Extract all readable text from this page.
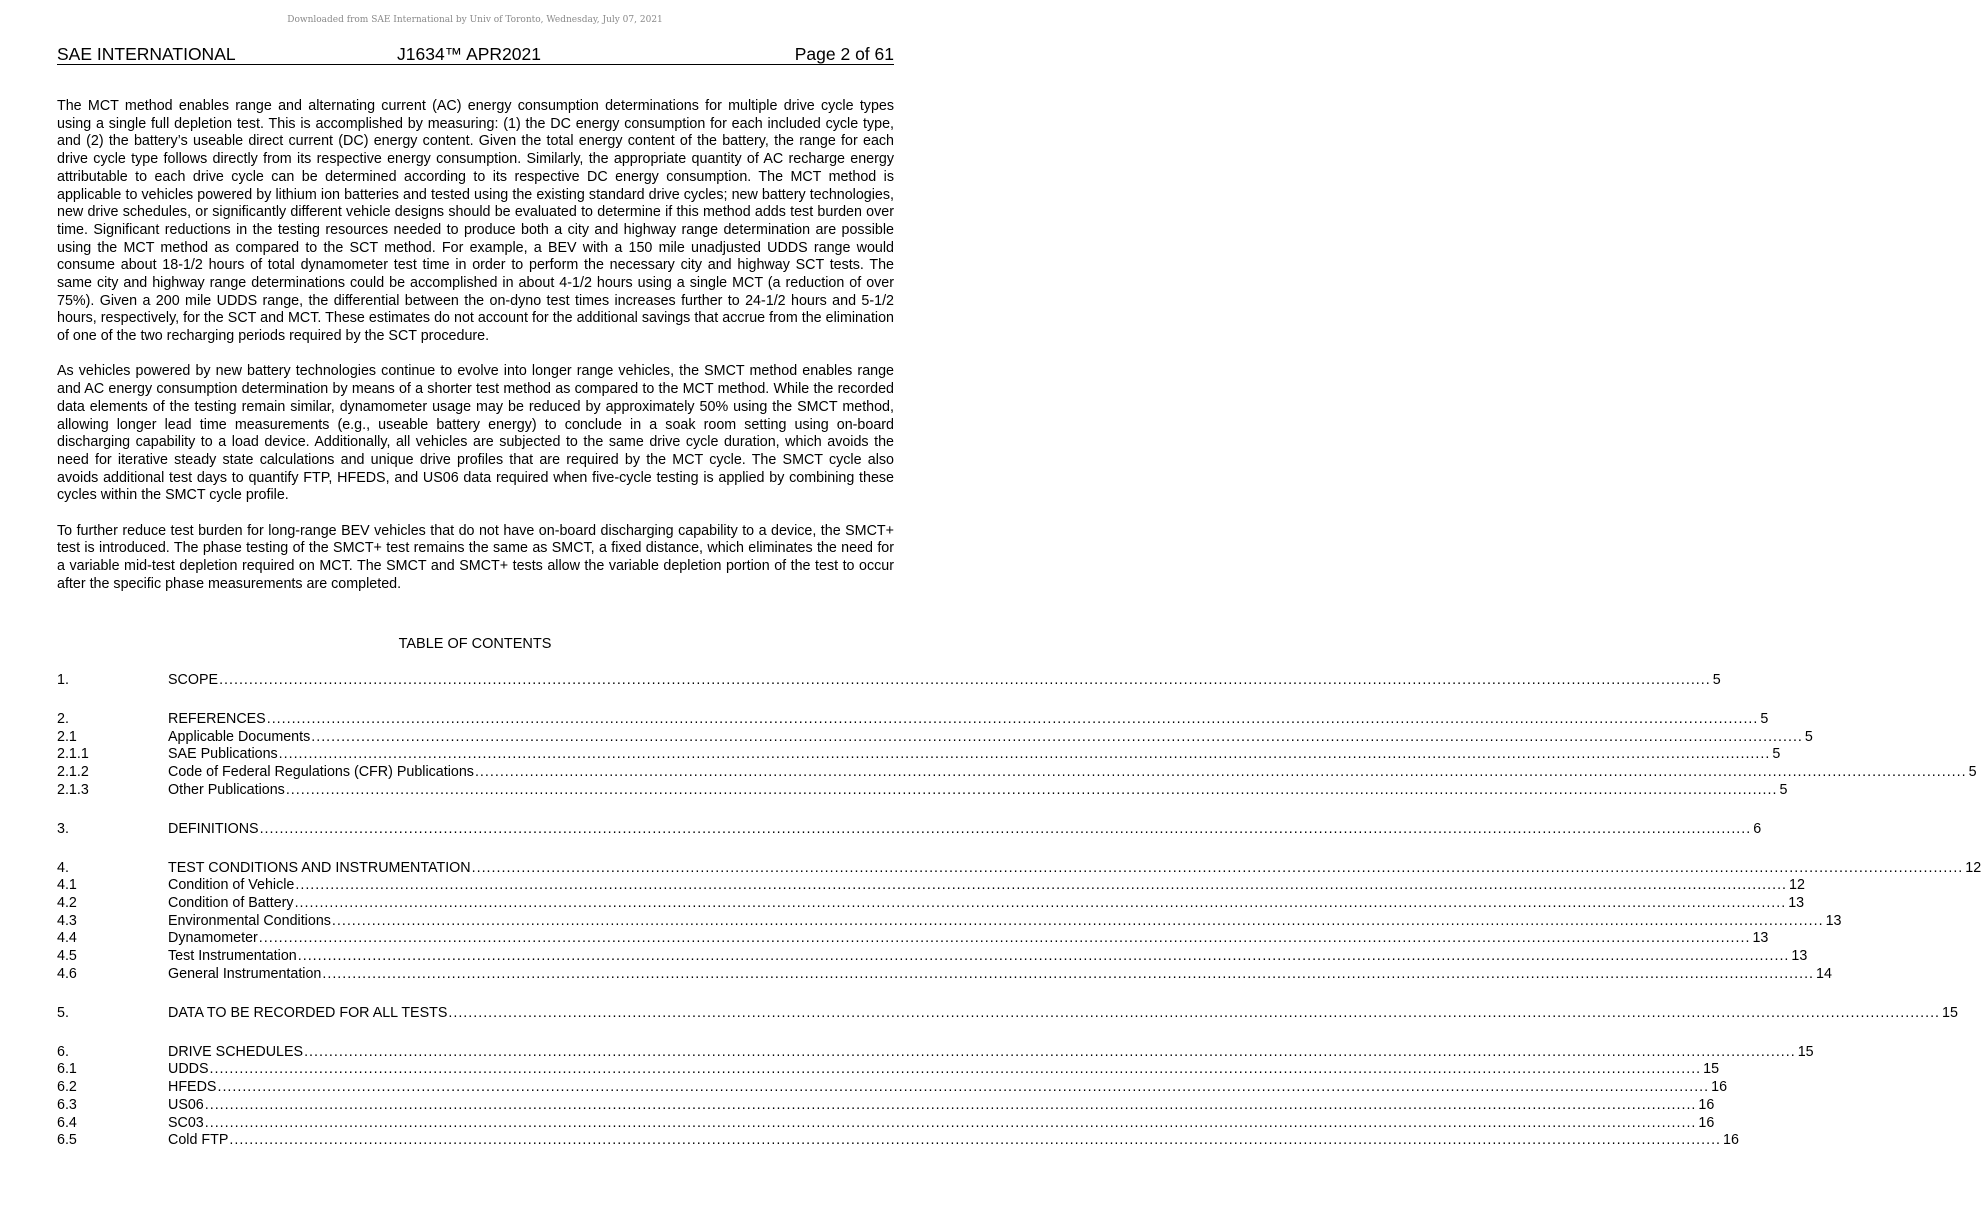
Downloaded from SAE International by Univ of Toronto, Wednesday, July 07, 2021
SAE INTERNATIONAL	J1634™ APR2021	Page 2 of 61

The MCT method enables range and alternating current (AC) energy consumption determinations for multiple drive cycle types using a single full depletion test. This is accomplished by measuring: (1) the DC energy consumption for each included cycle type, and (2) the battery’s useable direct current (DC) energy content. Given the total energy content of the battery, the range for each drive cycle type follows directly from its respective energy consumption. Similarly, the appropriate quantity of AC recharge energy attributable to each drive cycle can be determined according to its respective DC energy consumption. The MCT method is applicable to vehicles powered by lithium ion batteries and tested using the existing standard drive cycles; new battery technologies, new drive schedules, or significantly different vehicle designs should be evaluated to determine if this method adds test burden over time. Significant reductions in the testing resources needed to produce both a city and highway range determination are possible using the MCT method as compared to the SCT method. For example, a BEV with a 150 mile unadjusted UDDS range would consume about 18-1/2 hours of total dynamometer test time in order to perform the necessary city and highway SCT tests. The same city and highway range determinations could be accomplished in about 4-1/2 hours using a single MCT (a reduction of over 75%). Given a 200 mile UDDS range, the differential between the on-dyno test times increases further to 24-1/2 hours and 5-1/2 hours, respectively, for the SCT and MCT. These estimates do not account for the additional savings that accrue from the elimination of one of the two recharging periods required by the SCT procedure.

As vehicles powered by new battery technologies continue to evolve into longer range vehicles, the SMCT method enables range and AC energy consumption determination by means of a shorter test method as compared to the MCT method. While the recorded data elements of the testing remain similar, dynamometer usage may be reduced by approximately 50% using the SMCT method, allowing longer lead time measurements (e.g., useable battery energy) to conclude in a soak room setting using on-board discharging capability to a load device. Additionally, all vehicles are subjected to the same drive cycle duration, which avoids the need for iterative steady state calculations and unique drive profiles that are required by the MCT cycle. The SMCT cycle also avoids additional test days to quantify FTP, HFEDS, and US06 data required when five-cycle testing is applied by combining these cycles within the SMCT cycle profile.

To further reduce test burden for long-range BEV vehicles that do not have on-board discharging capability to a device, the SMCT+ test is introduced. The phase testing of the SMCT+ test remains the same as SMCT, a fixed distance, which eliminates the need for a variable mid-test depletion required on MCT. The SMCT and SMCT+ tests allow the variable depletion portion of the test to occur after the specific phase measurements are completed.

TABLE OF CONTENTS
1.	SCOPE ............................................................................................................................................................................................................................................................................................................ 5
2.	REFERENCES ............................................................................................................................................................................................................................................................................................................ 5
2.1	Applicable Documents ............................................................................................................................................................................................................................................................................................................ 5
2.1.1	SAE Publications ............................................................................................................................................................................................................................................................................................................ 5
2.1.2	Code of Federal Regulations (CFR) Publications ............................................................................................................................................................................................................................................................................................................ 5
2.1.3	Other Publications ............................................................................................................................................................................................................................................................................................................ 5
3.	DEFINITIONS ............................................................................................................................................................................................................................................................................................................ 6
4.	TEST CONDITIONS AND INSTRUMENTATION ............................................................................................................................................................................................................................................................................................................ 12
4.1	Condition of Vehicle ............................................................................................................................................................................................................................................................................................................ 12
4.2	Condition of Battery ............................................................................................................................................................................................................................................................................................................ 13
4.3	Environmental Conditions ............................................................................................................................................................................................................................................................................................................ 13
4.4	Dynamometer ............................................................................................................................................................................................................................................................................................................ 13
4.5	Test Instrumentation ............................................................................................................................................................................................................................................................................................................ 13
4.6	General Instrumentation ............................................................................................................................................................................................................................................................................................................ 14
5.	DATA TO BE RECORDED FOR ALL TESTS ............................................................................................................................................................................................................................................................................................................ 15
6.	DRIVE SCHEDULES ............................................................................................................................................................................................................................................................................................................ 15
6.1	UDDS ............................................................................................................................................................................................................................................................................................................ 15
6.2	HFEDS ............................................................................................................................................................................................................................................................................................................ 16
6.3	US06 ............................................................................................................................................................................................................................................................................................................ 16
6.4	SC03 ............................................................................................................................................................................................................................................................................................................ 16
6.5	Cold FTP ............................................................................................................................................................................................................................................................................................................ 16
